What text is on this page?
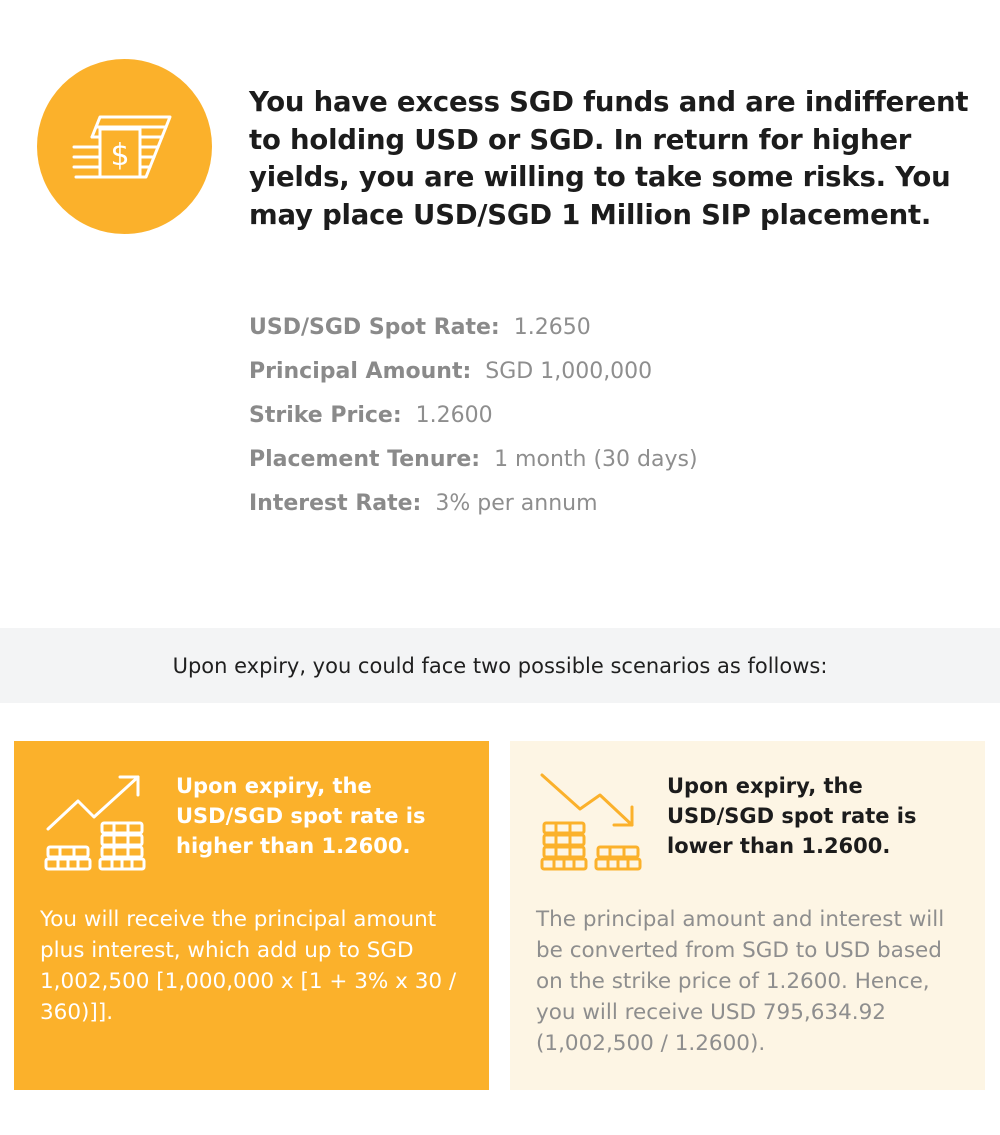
$
You have excess SGD funds and are indifferent to holding USD or SGD. In return for higher yields, you are willing to take some risks. You may place USD/SGD 1 Million SIP placement.
USD/SGD Spot Rate: 1.2650
Principal Amount: SGD 1,000,000
Strike Price: 1.2600
Placement Tenure: 1 month (30 days)
Interest Rate: 3% per annum
Upon expiry, you could face two possible scenarios as follows:
Upon expiry, the USD/SGD spot rate is higher than 1.2600.
You will receive the principal amount plus interest, which add up to SGD 1,002,500 [1,000,000 x [1 + 3% x 30 / 360)]].
Upon expiry, the USD/SGD spot rate is lower than 1.2600.
The principal amount and interest will be converted from SGD to USD based on the strike price of 1.2600. Hence, you will receive USD 795,634.92 (1,002,500 / 1.2600).
